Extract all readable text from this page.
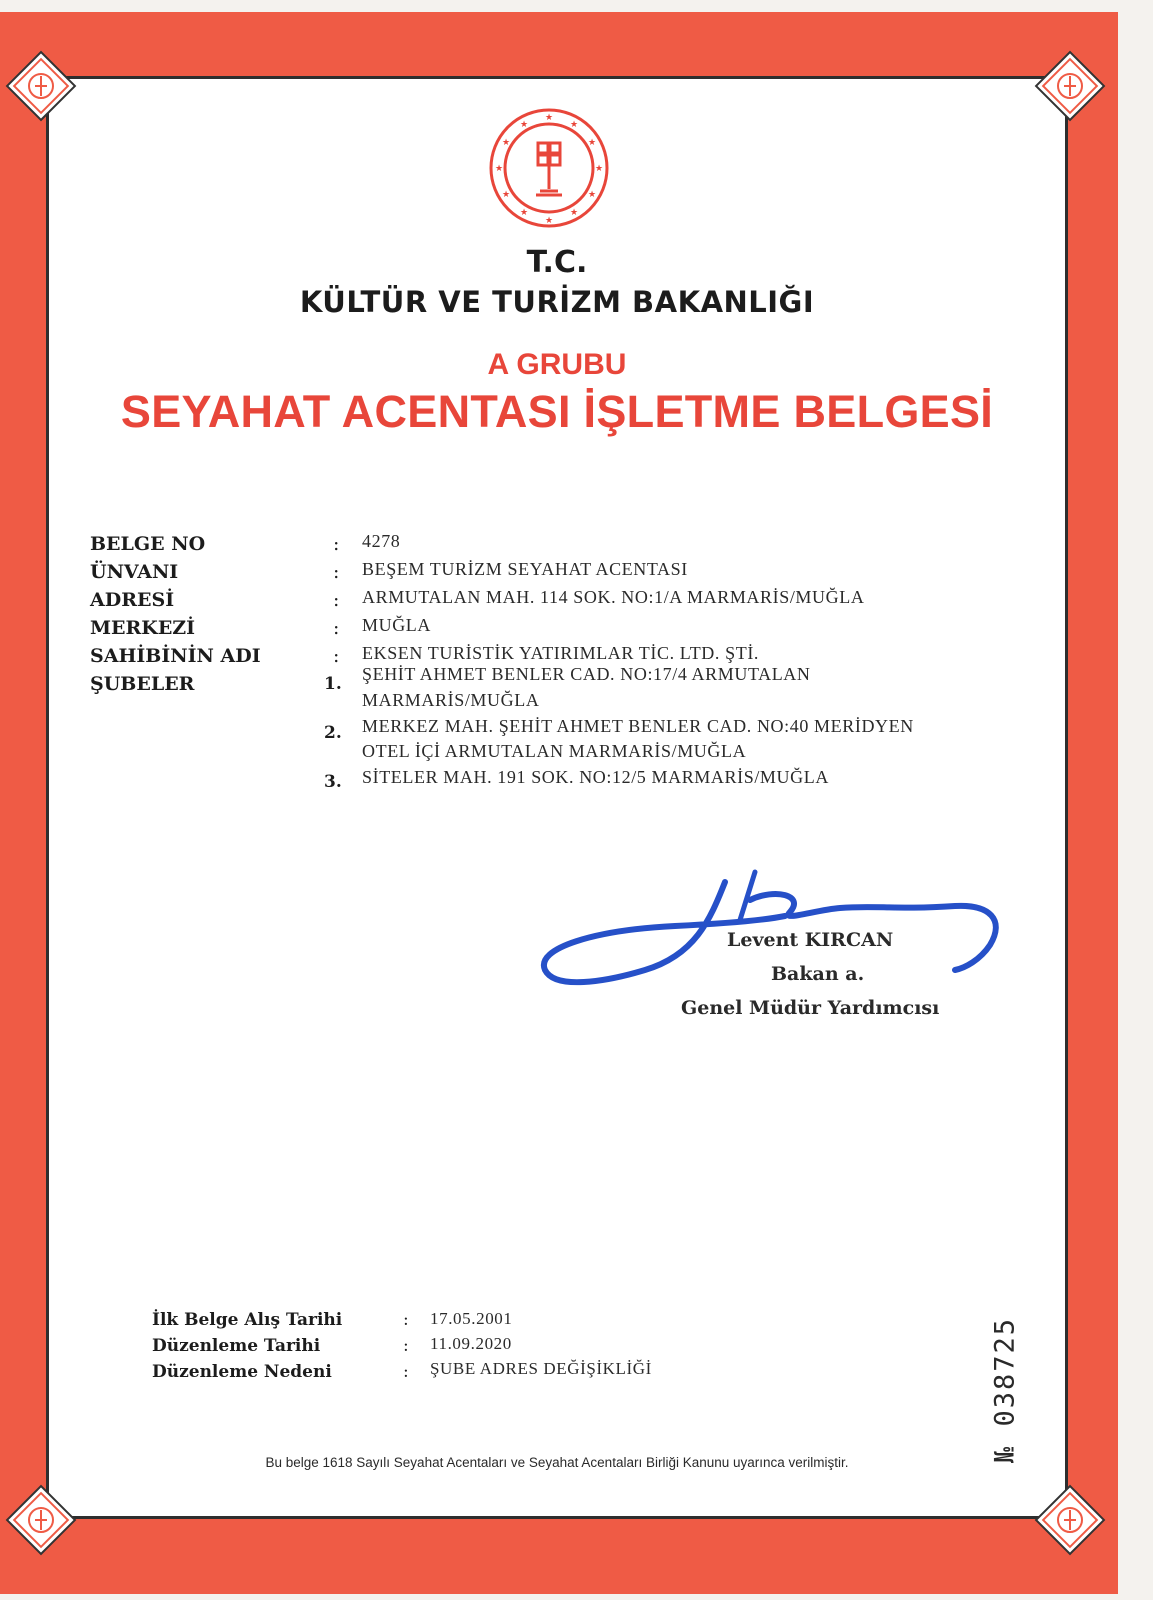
★
★
★
★
★
★
★
★
★
★
★
★
T.C.
KÜLTÜR VE TURİZM BAKANLIĞI
A GRUBU
SEYAHAT ACENTASI İŞLETME BELGESİ
BELGE NO	: 4278
ÜNVANI	: BEŞEM TURİZM SEYAHAT ACENTASI
ADRESİ	: ARMUTALAN MAH. 114 SOK. NO:1/A MARMARİS/MUĞLA
MERKEZİ	: MUĞLA
SAHİBİNİN ADI	: EKSEN TURİSTİK YATIRIMLAR TİC. LTD. ŞTİ.
ŞUBELER	1. ŞEHİT AHMET BENLER CAD. NO:17/4 ARMUTALAN
MARMARİS/MUĞLA
2. MERKEZ MAH. ŞEHİT AHMET BENLER CAD. NO:40 MERİDYEN
OTEL İÇİ ARMUTALAN MARMARİS/MUĞLA
3. SİTELER MAH. 191 SOK. NO:12/5 MARMARİS/MUĞLA
Levent KIRCAN
Bakan a.
Genel Müdür Yardımcısı
İlk Belge Alış Tarihi	: 17.05.2001
Düzenleme Tarihi	: 11.09.2020
Düzenleme Nedeni	: ŞUBE ADRES DEĞİŞİKLİĞİ
Bu belge 1618 Sayılı Seyahat Acentaları ve Seyahat Acentaları Birliği Kanunu uyarınca verilmiştir.	№ 038725
